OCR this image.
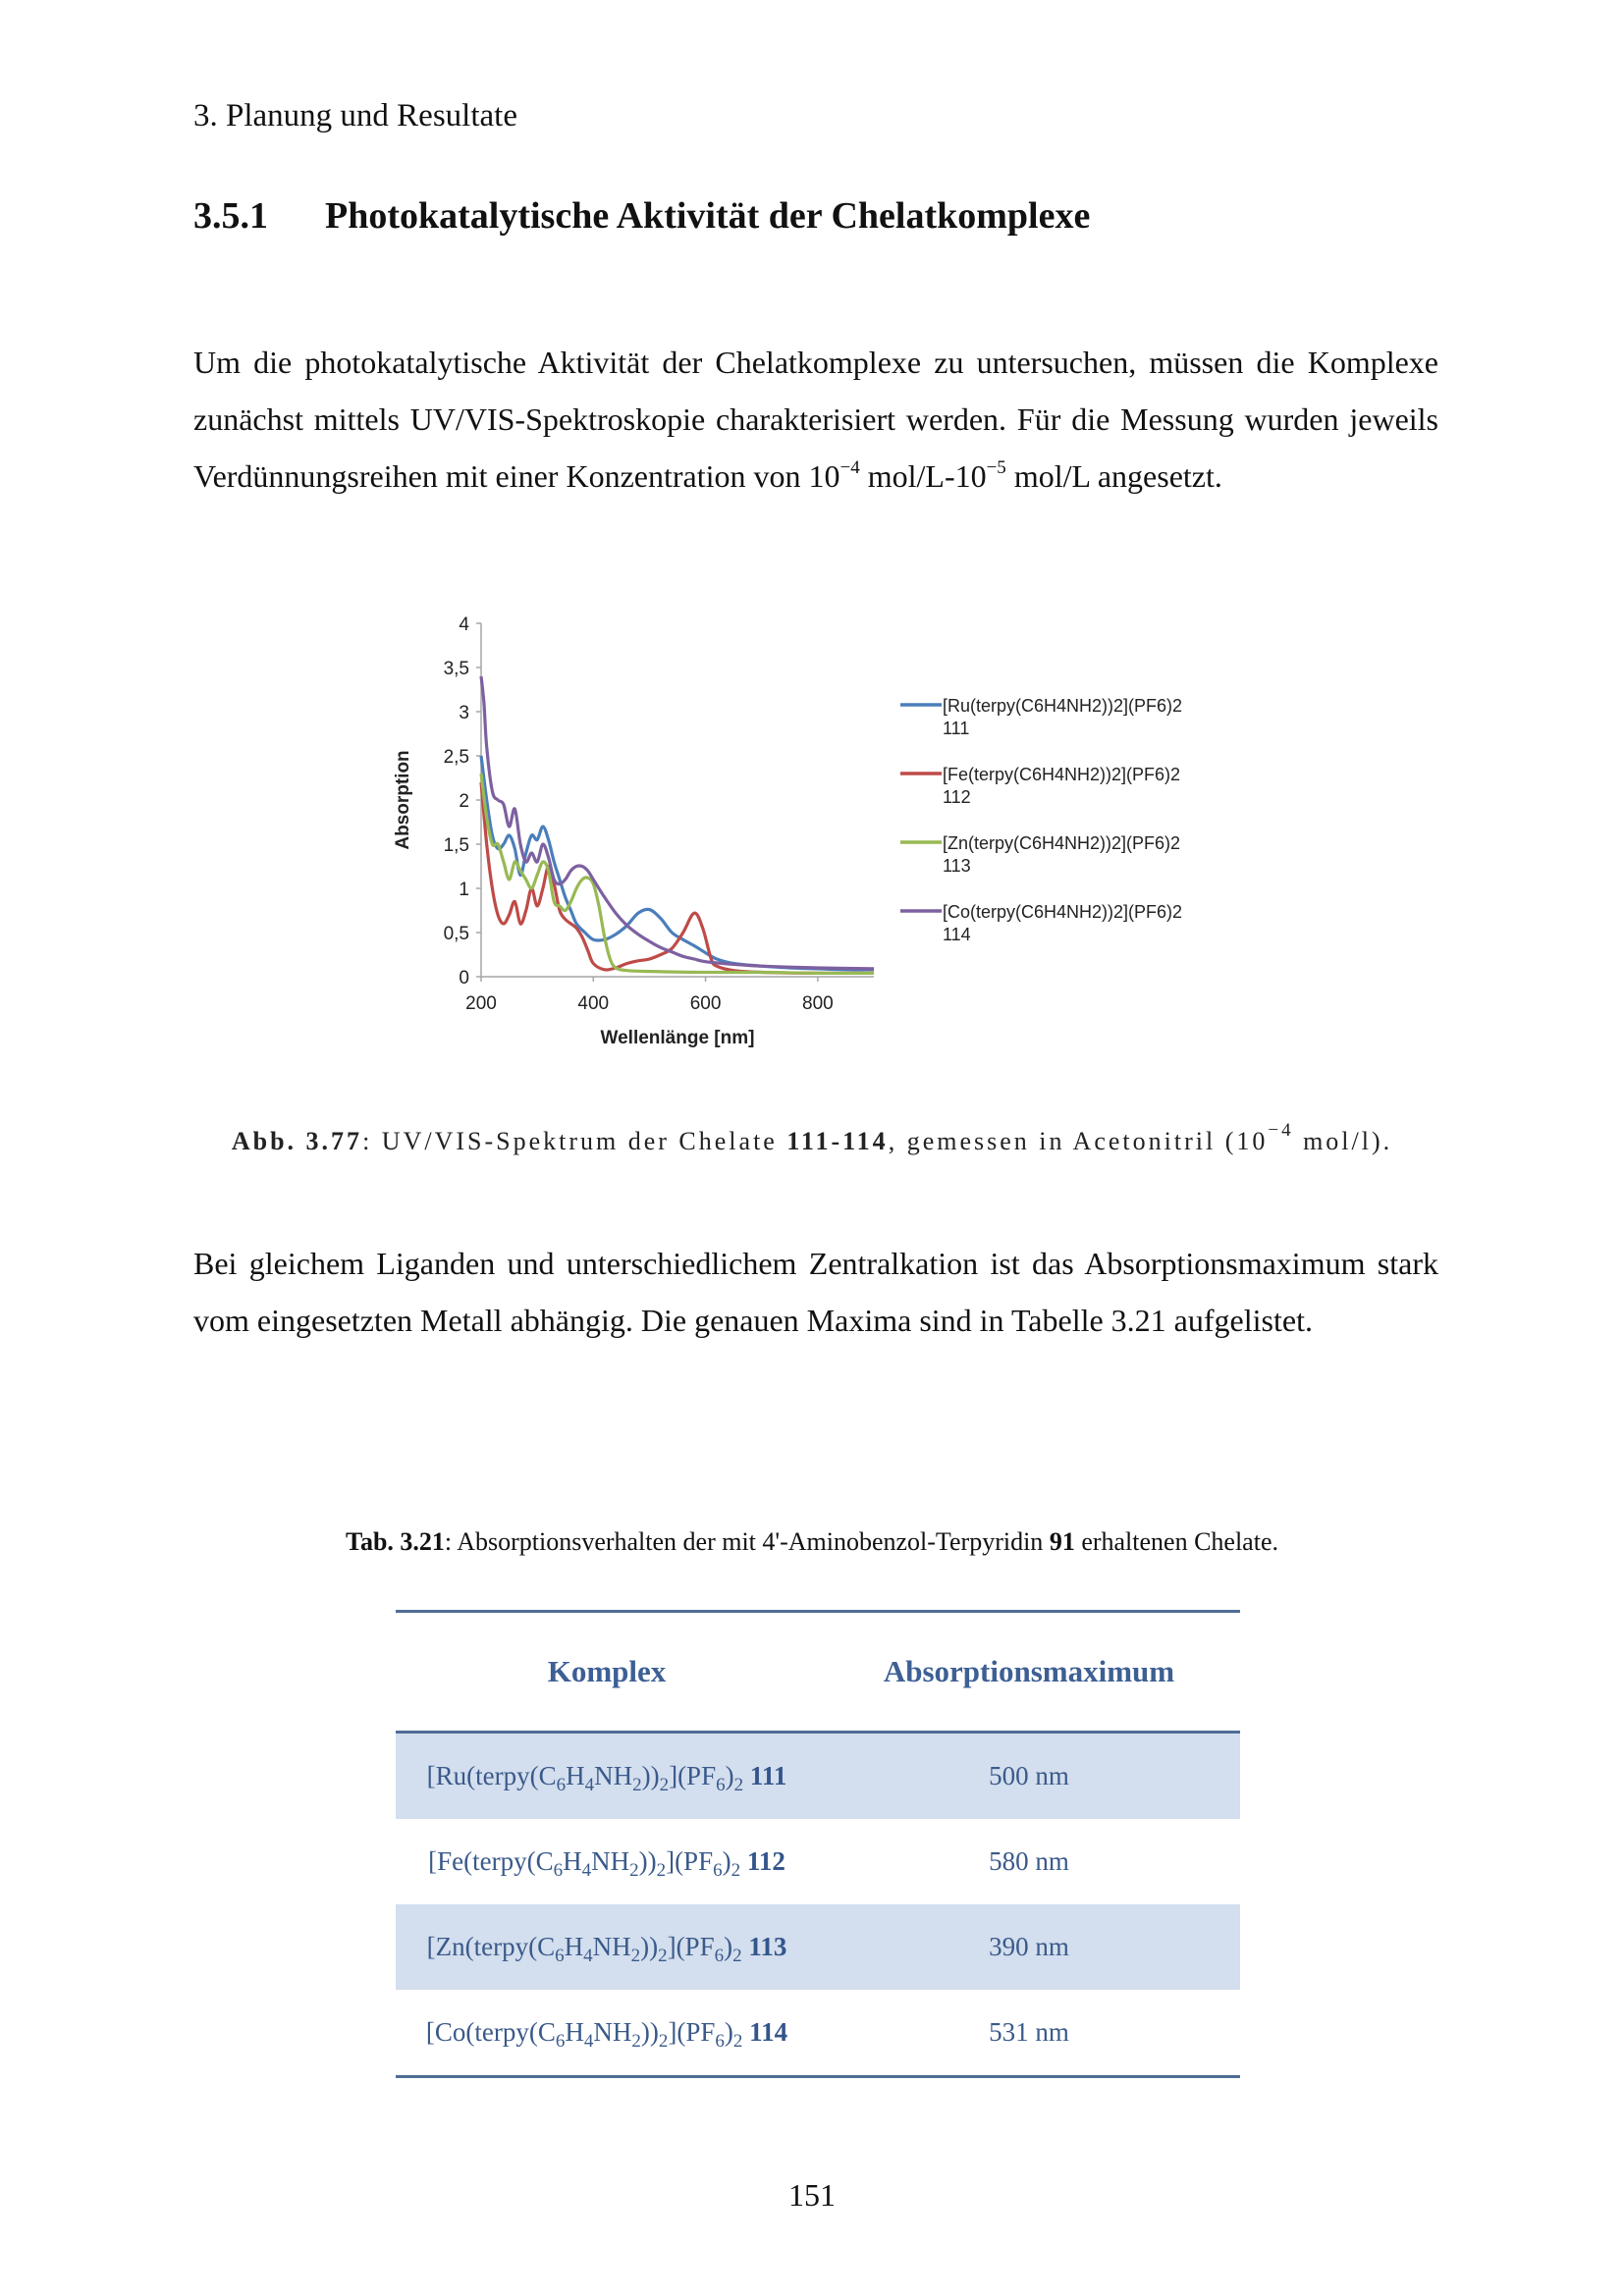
3. Planung und Resultate
3.5.1 Photokatalytische Aktivität der Chelatkomplexe

Um die photokatalytische Aktivität der Chelatkomplexe zu untersuchen, müssen die Komplexe zunächst mittels UV/VIS-Spektroskopie charakterisiert werden. Für die Messung wurden jeweils Verdünnungsreihen mit einer Konzentration von $10^{-4}$ mol/$L-10^{-5}$ mol/L angesetzt.

0
0,5
1
1,5
2
2,5
3
3,5
4
200	400	600	800
Wellenlänge [nm]
Absorption
[Ru(terpy(C6H4NH2))2](PF6)2
111
[Fe(terpy(C6H4NH2))2](PF6)2
112
[Zn(terpy(C6H4NH2))2](PF6)2
113
[Co(terpy(C6H4NH2))2](PF6)2
114
Abb. 3.77: UV/VIS-Spektrum der Chelate 111-114, gemessen in Acetonitril ($10^{-4}$ mol/l).

Bei gleichem Liganden und unterschiedlichem Zentralkation ist das Absorptionsmaximum stark vom eingesetzten Metall abhängig. Die genauen Maxima sind in Tabelle 3.21 aufgelistet.

Tab. 3.21: Absorptionsverhalten der mit 4'-Aminobenzol-Terpyridin 91 erhaltenen Chelate.
Komplex	Absorptionsmaximum
$[Ru(terpy(C_6H_4NH_2))_2](PF_6)_2$ 111	500 nm
$[Fe(terpy(C_6H_4NH_2))_2](PF_6)_2$ 112	580 nm
$[Zn(terpy(C_6H_4NH_2))_2](PF_6)_2$ 113	390 nm
$[Co(terpy(C_6H_4NH_2))_2](PF_6)_2$ 114	531 nm
151
